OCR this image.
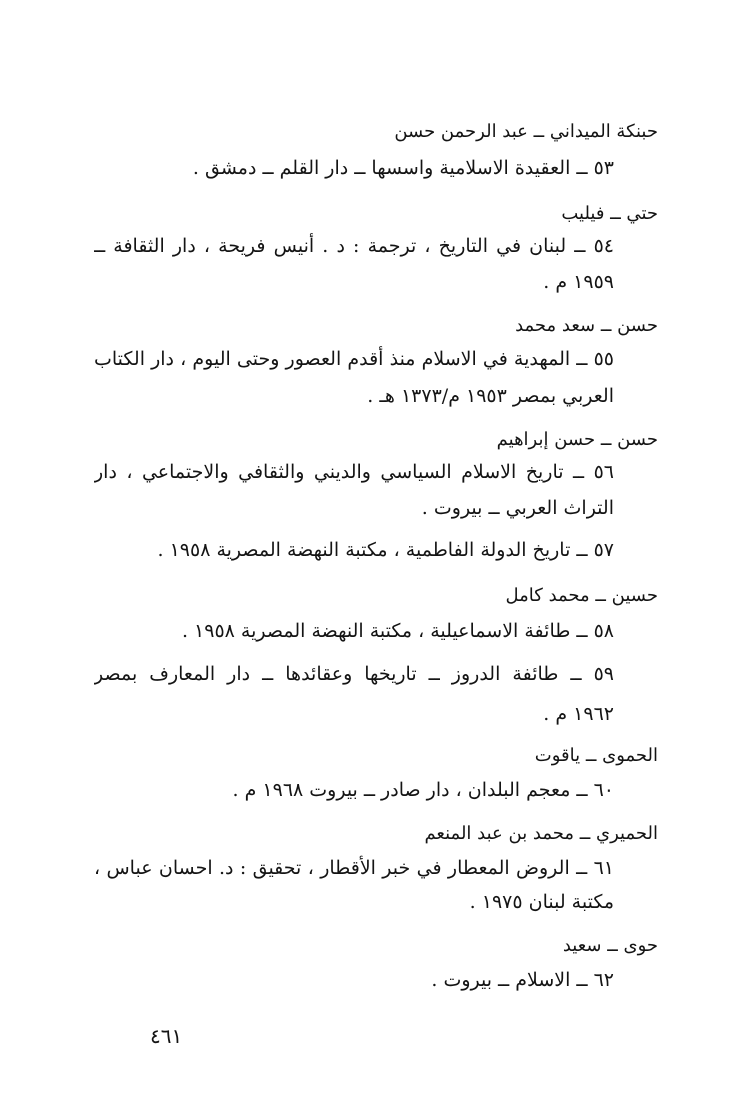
حبنكة الميداني ــ عبد الرحمن حسن
٥٣ ــ العقيدة الاسلامية واسسها ــ دار القلم ــ دمشق .
حتي ــ فيليب
٥٤ ــ لبنان في التاريخ ، ترجمة : د . أنيس فريحة ، دار الثقافة ــ
١٩٥٩ م .
حسن ــ سعد محمد
٥٥ ــ المهدية في الاسلام منذ أقدم العصور وحتى اليوم ، دار الكتاب
العربي بمصر ١٩٥٣ م/١٣٧٣ هـ .
حسن ــ حسن إبراهيم
٥٦ ــ تاريخ الاسلام السياسي والديني والثقافي والاجتماعي ، دار
التراث العربي ــ بيروت .
٥٧ ــ تاريخ الدولة الفاطمية ، مكتبة النهضة المصرية ١٩٥٨ .
حسين ــ محمد كامل
٥٨ ــ طائفة الاسماعيلية ، مكتبة النهضة المصرية ١٩٥٨ .
٥٩ ــ طائفة الدروز ــ تاريخها وعقائدها ــ دار المعارف بمصر
١٩٦٢ م .
الحموى ــ ياقوت
٦٠ ــ معجم البلدان ، دار صادر ــ بيروت ١٩٦٨ م .
الحميري ــ محمد بن عبد المنعم
٦١ ــ الروض المعطار في خبر الأقطار ، تحقيق : د. احسان عباس ،
مكتبة لبنان ١٩٧٥ .
حوى ــ سعيد
٦٢ ــ الاسلام ــ بيروت .
٤٦١
